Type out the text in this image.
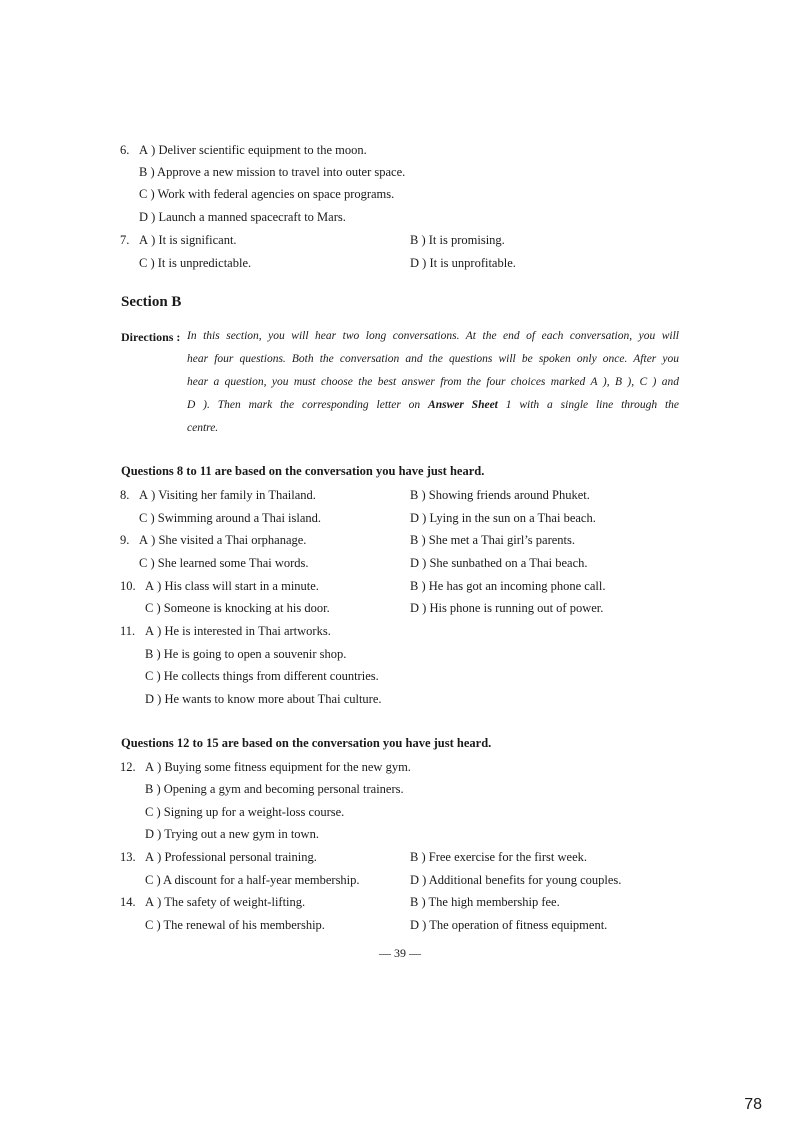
6. A ) Deliver scientific equipment to the moon.
B ) Approve a new mission to travel into outer space.
C ) Work with federal agencies on space programs.
D ) Launch a manned spacecraft to Mars.
7. A ) It is significant.	B ) It is promising.
C ) It is unpredictable.	D ) It is unprofitable.
Section B
Directions : In this section, you will hear two long conversations. At the end of each conversation, you will
hear four questions. Both the conversation and the questions will be spoken only once. After you
hear a question, you must choose the best answer from the four choices marked A ), B ), C ) and
D ). Then mark the corresponding letter on Answer Sheet 1 with a single line through the
centre.
Questions 8 to 11 are based on the conversation you have just heard.
8. A ) Visiting her family in Thailand.	B ) Showing friends around Phuket.
C ) Swimming around a Thai island.	D ) Lying in the sun on a Thai beach.
9. A ) She visited a Thai orphanage.	B ) She met a Thai girl’s parents.
C ) She learned some Thai words.	D ) She sunbathed on a Thai beach.
10. A ) His class will start in a minute.	B ) He has got an incoming phone call.
C ) Someone is knocking at his door.	D ) His phone is running out of power.
11. A ) He is interested in Thai artworks.
B ) He is going to open a souvenir shop.
C ) He collects things from different countries.
D ) He wants to know more about Thai culture.
Questions 12 to 15 are based on the conversation you have just heard.
12. A ) Buying some fitness equipment for the new gym.
B ) Opening a gym and becoming personal trainers.
C ) Signing up for a weight-loss course.
D ) Trying out a new gym in town.
13. A ) Professional personal training.	B ) Free exercise for the first week.
C ) A discount for a half-year membership.	D ) Additional benefits for young couples.
14. A ) The safety of weight-lifting.	B ) The high membership fee.
C ) The renewal of his membership.	D ) The operation of fitness equipment.
— 39 —
78
